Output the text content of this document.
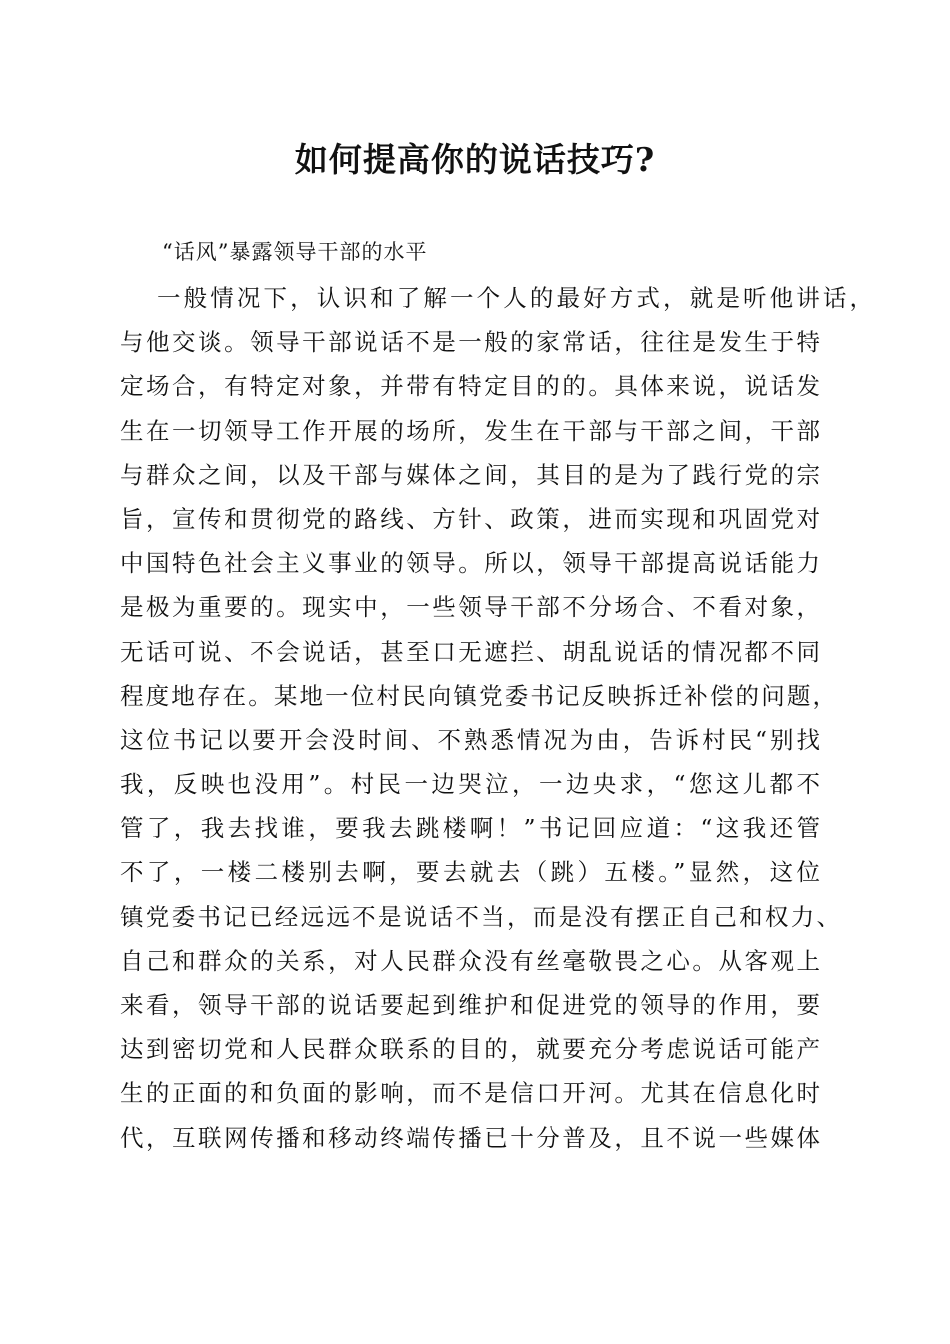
如何提高你的说话技巧?

“话风”暴露领导干部的水平

一般情况下，认识和了解一个人的最好方式，就是听他讲话，
与他交谈。领导干部说话不是一般的家常话，往往是发生于特
定场合，有特定对象，并带有特定目的的。具体来说，说话发
生在一切领导工作开展的场所，发生在干部与干部之间，干部
与群众之间，以及干部与媒体之间，其目的是为了践行党的宗
旨，宣传和贯彻党的路线、方针、政策，进而实现和巩固党对
中国特色社会主义事业的领导。所以，领导干部提高说话能力
是极为重要的。现实中，一些领导干部不分场合、不看对象，
无话可说、不会说话，甚至口无遮拦、胡乱说话的情况都不同
程度地存在。某地一位村民向镇党委书记反映拆迁补偿的问题，
这位书记以要开会没时间、不熟悉情况为由，告诉村民“别找
我，反映也没用”。村民一边哭泣，一边央求，“您这儿都不
管了，我去找谁，要我去跳楼啊！”书记回应道：“这我还管
不了，一楼二楼别去啊，要去就去（跳）五楼。”显然，这位
镇党委书记已经远远不是说话不当，而是没有摆正自己和权力、
自己和群众的关系，对人民群众没有丝毫敬畏之心。从客观上
来看，领导干部的说话要起到维护和促进党的领导的作用，要
达到密切党和人民群众联系的目的，就要充分考虑说话可能产
生的正面的和负面的影响，而不是信口开河。尤其在信息化时
代，互联网传播和移动终端传播已十分普及，且不说一些媒体
